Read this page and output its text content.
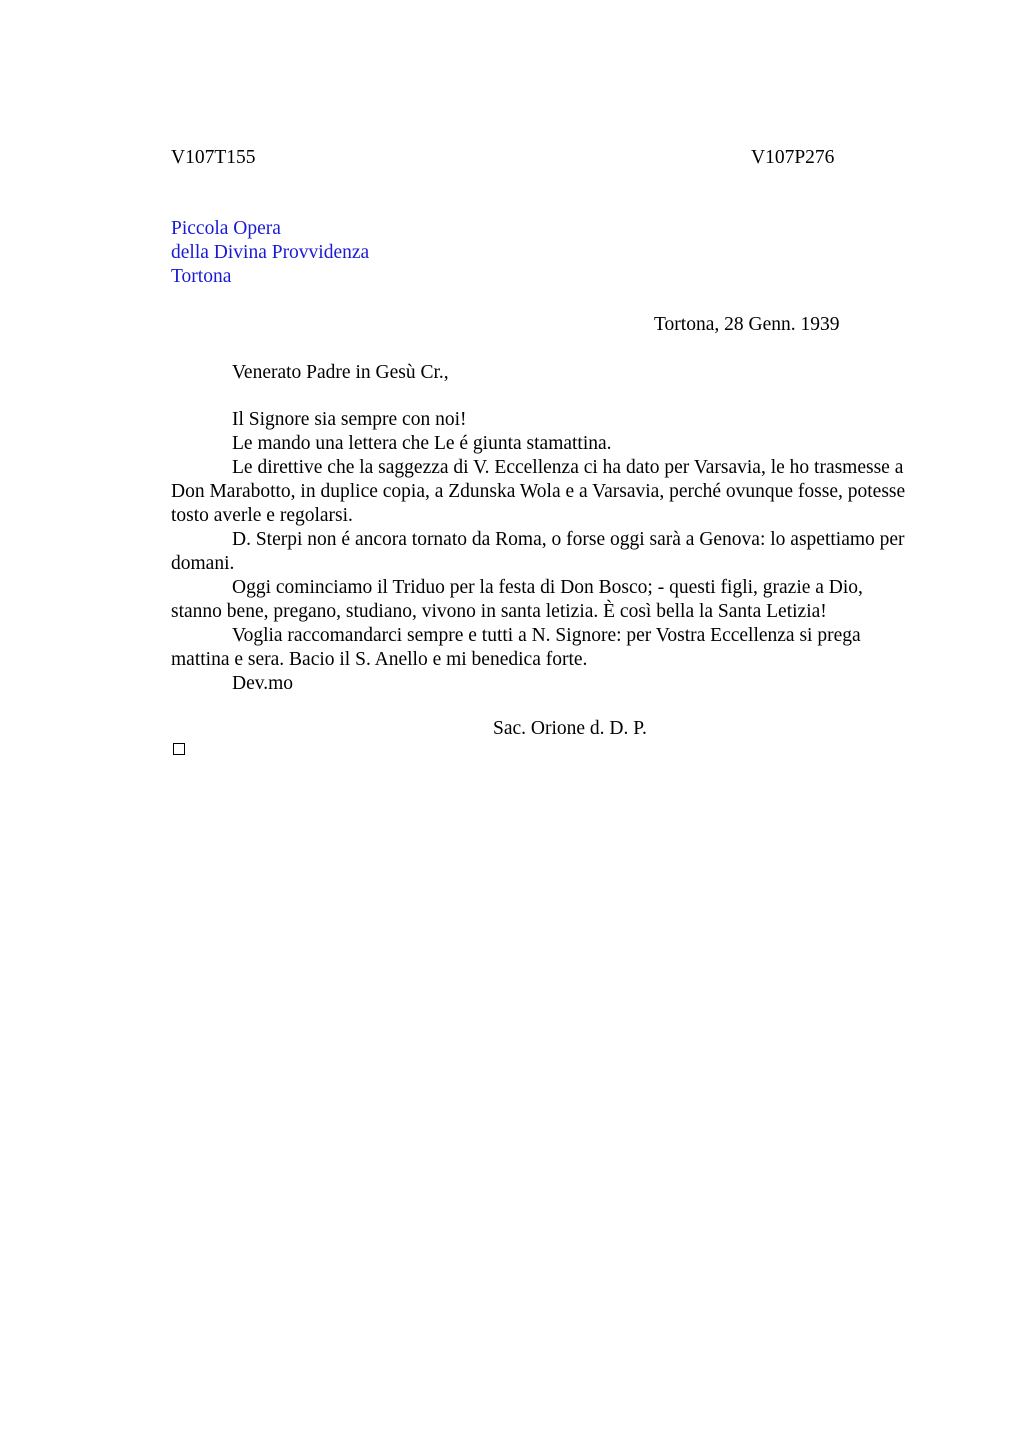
V107T155	V107P276
Piccola Opera
della Divina Provvidenza
Tortona
Tortona, 28 Genn. 1939
Venerato Padre in Gesù Cr.,

Il Signore sia sempre con noi!

Le mando una lettera che Le é giunta stamattina.

Le direttive che la saggezza di V. Eccellenza ci ha dato per Varsavia, le ho trasmesse a Don Marabotto, in duplice copia, a Zdunska Wola e a Varsavia, perché ovunque fosse, potesse tosto averle e regolarsi.

D. Sterpi non é ancora tornato da Roma, o forse oggi sarà a Genova: lo aspettiamo per domani.

Oggi cominciamo il Triduo per la festa di Don Bosco; - questi figli, grazie a Dio, stanno bene, pregano, studiano, vivono in santa letizia. È così bella la Santa Letizia!

Voglia raccomandarci sempre e tutti a N. Signore: per Vostra Eccellenza si prega mattina e sera. Bacio il S. Anello e mi benedica forte.

Dev.mo

Sac. Orione d. D. P.
